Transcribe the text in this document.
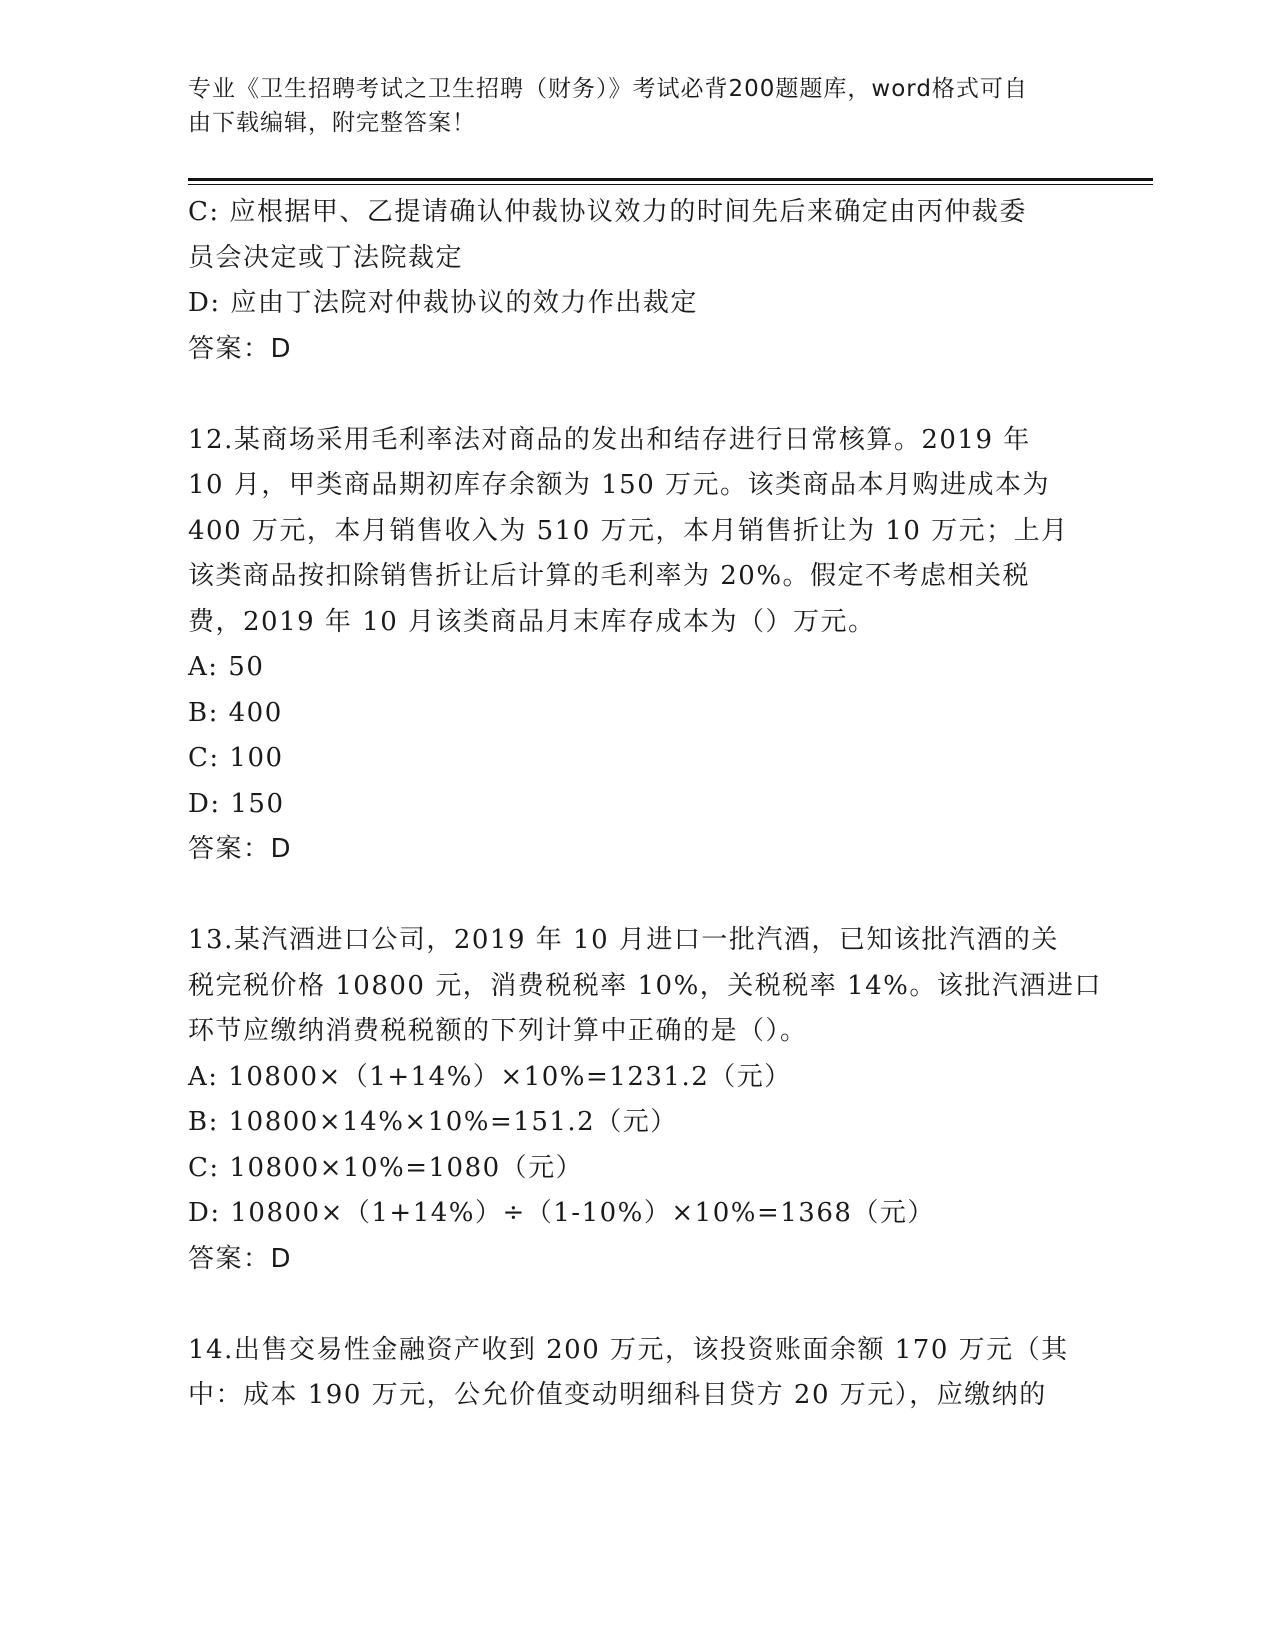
专业《卫生招聘考试之卫生招聘（财务）》考试必背200题题库，word格式可自
由下载编辑，附完整答案！
C: 应根据甲、乙提请确认仲裁协议效力的时间先后来确定由丙仲裁委
员会决定或丁法院裁定
D: 应由丁法院对仲裁协议的效力作出裁定
答案：D
12.某商场采用毛利率法对商品的发出和结存进行日常核算。2019 年
10 月，甲类商品期初库存余额为 150 万元。该类商品本月购进成本为
400 万元，本月销售收入为 510 万元，本月销售折让为 10 万元；上月
该类商品按扣除销售折让后计算的毛利率为 20%。假定不考虑相关税
费，2019 年 10 月该类商品月末库存成本为（）万元。
A: 50
B: 400
C: 100
D: 150
答案：D
13.某汽酒进口公司，2019 年 10 月进口一批汽酒，已知该批汽酒的关
税完税价格 10800 元，消费税税率 10%，关税税率 14%。该批汽酒进口
环节应缴纳消费税税额的下列计算中正确的是（）。
A: 10800×（1+14%）×10%=1231.2（元）
B: 10800×14%×10%=151.2（元）
C: 10800×10%=1080（元）
D: 10800×（1+14%）÷（1-10%）×10%=1368（元）
答案：D
14.出售交易性金融资产收到 200 万元，该投资账面余额 170 万元（其
中：成本 190 万元，公允价值变动明细科目贷方 20 万元），应缴纳的
